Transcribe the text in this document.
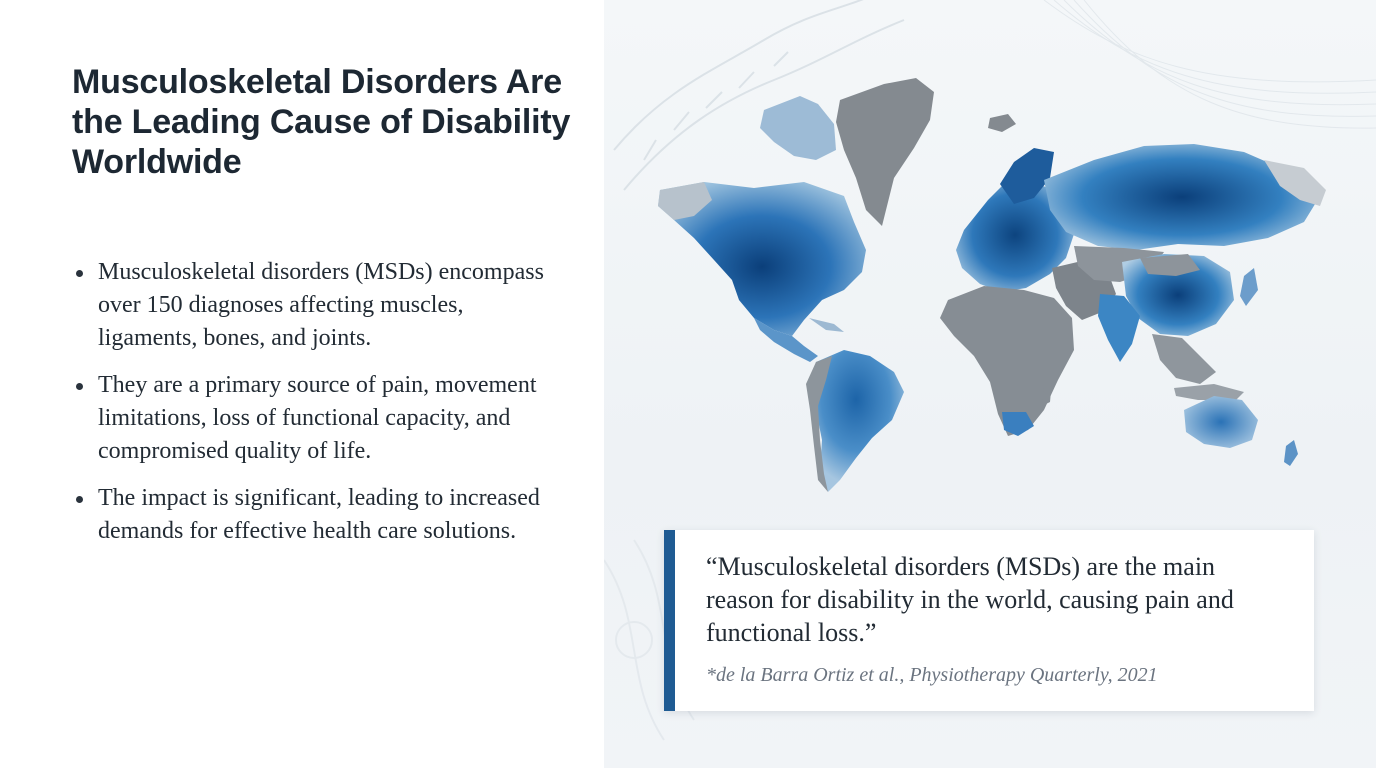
Musculoskeletal Disorders Are the Leading Cause of Disability Worldwide
Musculoskeletal disorders (MSDs) encompass over 150 diagnoses affecting muscles, ligaments, bones, and joints.
They are a primary source of pain, movement limitations, loss of functional capacity, and compromised quality of life.
The impact is significant, leading to increased demands for effective health care solutions.

“Musculoskeletal disorders (MSDs) are the main reason for disability in the world, causing pain and functional loss.”

*de la Barra Ortiz et al., Physiotherapy Quarterly, 2021
